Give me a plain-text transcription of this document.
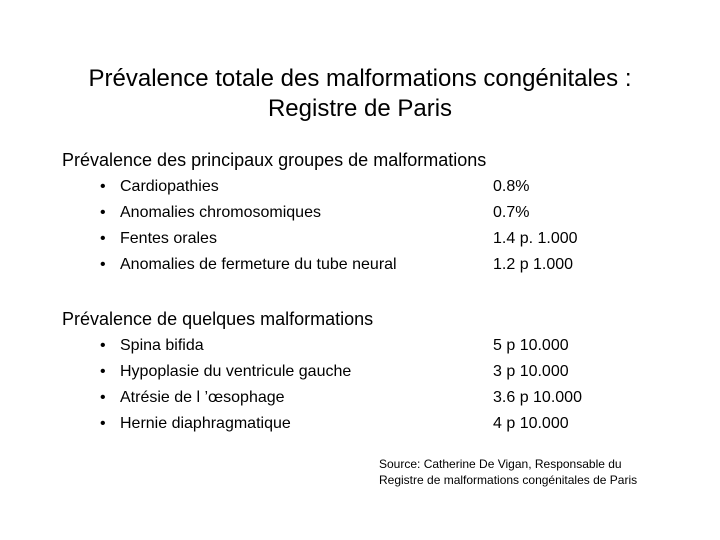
Prévalence totale des malformations congénitales :
Registre de Paris
Prévalence des principaux groupes de malformations
• Cardiopathies	0.8%
• Anomalies chromosomiques	0.7%
• Fentes orales	1.4 p. 1.000
• Anomalies de fermeture du tube neural	1.2 p 1.000
Prévalence de quelques malformations
• Spina bifida	5 p 10.000
• Hypoplasie du ventricule gauche	3 p 10.000
• Atrésie de l ’œsophage	3.6 p 10.000
• Hernie diaphragmatique	4 p 10.000
Source: Catherine De Vigan, Responsable du
Registre de malformations congénitales de Paris
